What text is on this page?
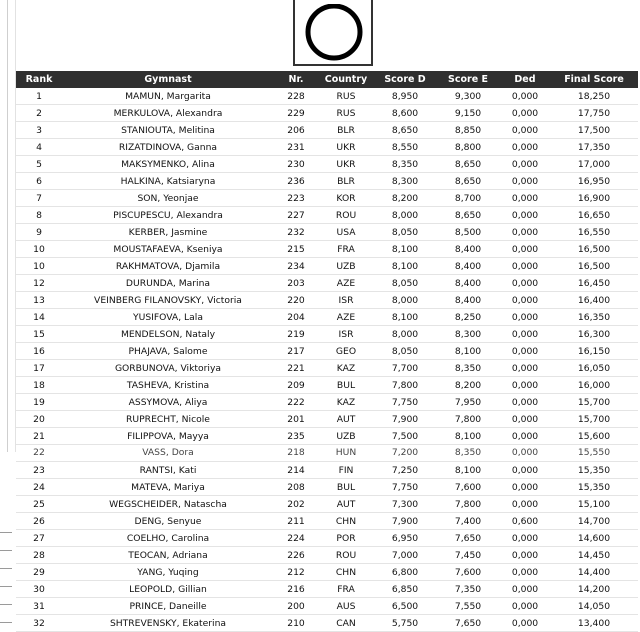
Rank	Gymnast	Nr.	Country	Score D	Score E	Ded	Final Score
1	MAMUN, Margarita	228	RUS	8,950	9,300	0,000	18,250
2	MERKULOVA, Alexandra	229	RUS	8,600	9,150	0,000	17,750
3	STANIOUTA, Melitina	206	BLR	8,650	8,850	0,000	17,500
4	RIZATDINOVA, Ganna	231	UKR	8,550	8,800	0,000	17,350
5	MAKSYMENKO, Alina	230	UKR	8,350	8,650	0,000	17,000
6	HALKINA, Katsiaryna	236	BLR	8,300	8,650	0,000	16,950
7	SON, Yeonjae	223	KOR	8,200	8,700	0,000	16,900
8	PISCUPESCU, Alexandra	227	ROU	8,000	8,650	0,000	16,650
9	KERBER, Jasmine	232	USA	8,050	8,500	0,000	16,550
10	MOUSTAFAEVA, Kseniya	215	FRA	8,100	8,400	0,000	16,500
10	RAKHMATOVA, Djamila	234	UZB	8,100	8,400	0,000	16,500
12	DURUNDA, Marina	203	AZE	8,050	8,400	0,000	16,450
13	VEINBERG FILANOVSKY, Victoria	220	ISR	8,000	8,400	0,000	16,400
14	YUSIFOVA, Lala	204	AZE	8,100	8,250	0,000	16,350
15	MENDELSON, Nataly	219	ISR	8,000	8,300	0,000	16,300
16	PHAJAVA, Salome	217	GEO	8,050	8,100	0,000	16,150
17	GORBUNOVA, Viktoriya	221	KAZ	7,700	8,350	0,000	16,050
18	TASHEVA, Kristina	209	BUL	7,800	8,200	0,000	16,000
19	ASSYMOVA, Aliya	222	KAZ	7,750	7,950	0,000	15,700
20	RUPRECHT, Nicole	201	AUT	7,900	7,800	0,000	15,700
21	FILIPPOVA, Mayya	235	UZB	7,500	8,100	0,000	15,600
22	VASS, Dora	218	HUN	7,200	8,350	0,000	15,550
23	RANTSI, Kati	214	FIN	7,250	8,100	0,000	15,350
24	MATEVA, Mariya	208	BUL	7,750	7,600	0,000	15,350
25	WEGSCHEIDER, Natascha	202	AUT	7,300	7,800	0,000	15,100
26	DENG, Senyue	211	CHN	7,900	7,400	0,600	14,700
27	COELHO, Carolina	224	POR	6,950	7,650	0,000	14,600
28	TEOCAN, Adriana	226	ROU	7,000	7,450	0,000	14,450
29	YANG, Yuqing	212	CHN	6,800	7,600	0,000	14,400
30	LEOPOLD, Gillian	216	FRA	6,850	7,350	0,000	14,200
31	PRINCE, Daneille	200	AUS	6,500	7,550	0,000	14,050
32	SHTREVENSKY, Ekaterina	210	CAN	5,750	7,650	0,000	13,400
